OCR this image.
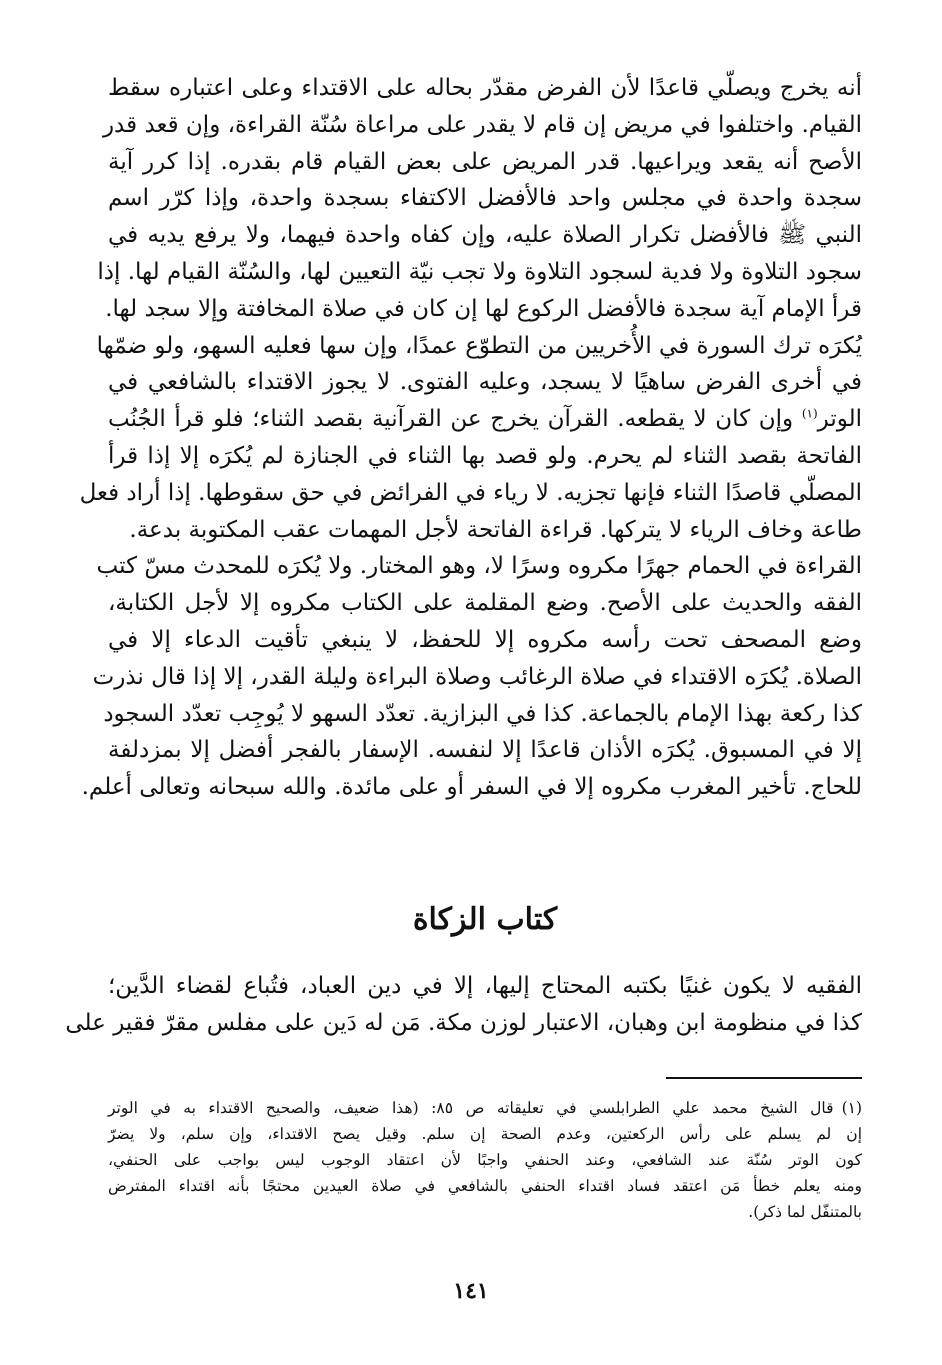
أنه يخرج ويصلّي قاعدًا لأن الفرض مقدّر بحاله على الاقتداء وعلى اعتباره سقط
القيام. واختلفوا في مريض إن قام لا يقدر على مراعاة سُنّة القراءة، وإن قعد قدر
الأصح أنه يقعد ويراعيها. قدر المريض على بعض القيام قام بقدره. إذا كرر آية
سجدة واحدة في مجلس واحد فالأفضل الاكتفاء بسجدة واحدة، وإذا كرّر اسم
النبي ﷺ فالأفضل تكرار الصلاة عليه، وإن كفاه واحدة فيهما، ولا يرفع يديه في
سجود التلاوة ولا فدية لسجود التلاوة ولا تجب نيّة التعيين لها، والسُنّة القيام لها. إذا
قرأ الإمام آية سجدة فالأفضل الركوع لها إن كان في صلاة المخافتة وإلا سجد لها.
يُكرَه ترك السورة في الأُخريين من التطوّع عمدًا، وإن سها فعليه السهو، ولو ضمّها
في أخرى الفرض ساهيًا لا يسجد، وعليه الفتوى. لا يجوز الاقتداء بالشافعي في
الوتر$^{(١)}$ وإن كان لا يقطعه. القرآن يخرج عن القرآنية بقصد الثناء؛ فلو قرأ الجُنُب
الفاتحة بقصد الثناء لم يحرم. ولو قصد بها الثناء في الجنازة لم يُكرَه إلا إذا قرأ
المصلّي قاصدًا الثناء فإنها تجزيه. لا رياء في الفرائض في حق سقوطها. إذا أراد فعل
طاعة وخاف الرياء لا يتركها. قراءة الفاتحة لأجل المهمات عقب المكتوبة بدعة.
القراءة في الحمام جهرًا مكروه وسرًا لا، وهو المختار. ولا يُكرَه للمحدث مسّ كتب
الفقه والحديث على الأصح. وضع المقلمة على الكتاب مكروه إلا لأجل الكتابة،
وضع المصحف تحت رأسه مكروه إلا للحفظ، لا ينبغي تأقيت الدعاء إلا في
الصلاة. يُكرَه الاقتداء في صلاة الرغائب وصلاة البراءة وليلة القدر، إلا إذا قال نذرت
كذا ركعة بهذا الإمام بالجماعة. كذا في البزازية. تعدّد السهو لا يُوجِب تعدّد السجود
إلا في المسبوق. يُكرَه الأذان قاعدًا إلا لنفسه. الإسفار بالفجر أفضل إلا بمزدلفة
للحاج. تأخير المغرب مكروه إلا في السفر أو على مائدة. والله سبحانه وتعالى أعلم.
كتاب الزكاة
الفقيه لا يكون غنيًا بكتبه المحتاج إليها، إلا في دين العباد، فتُباع لقضاء الدَّين؛
كذا في منظومة ابن وهبان، الاعتبار لوزن مكة. مَن له دَين على مفلس مقرّ فقير على
(١)قال الشيخ محمد علي الطرابلسي في تعليقاته ص ٨٥: (هذا ضعيف، والصحيح الاقتداء به في الوتر
إن لم يسلم على رأس الركعتين، وعدم الصحة إن سلم. وقيل يصح الاقتداء، وإن سلم، ولا يضرّ
كون الوتر سُنّة عند الشافعي، وعند الحنفي واجبًا لأن اعتقاد الوجوب ليس بواجب على الحنفي،
ومنه يعلم خطأ مَن اعتقد فساد اقتداء الحنفي بالشافعي في صلاة العيدين محتجًا بأنه اقتداء المفترض
بالمتنفّل لما ذكر).
١٤١
